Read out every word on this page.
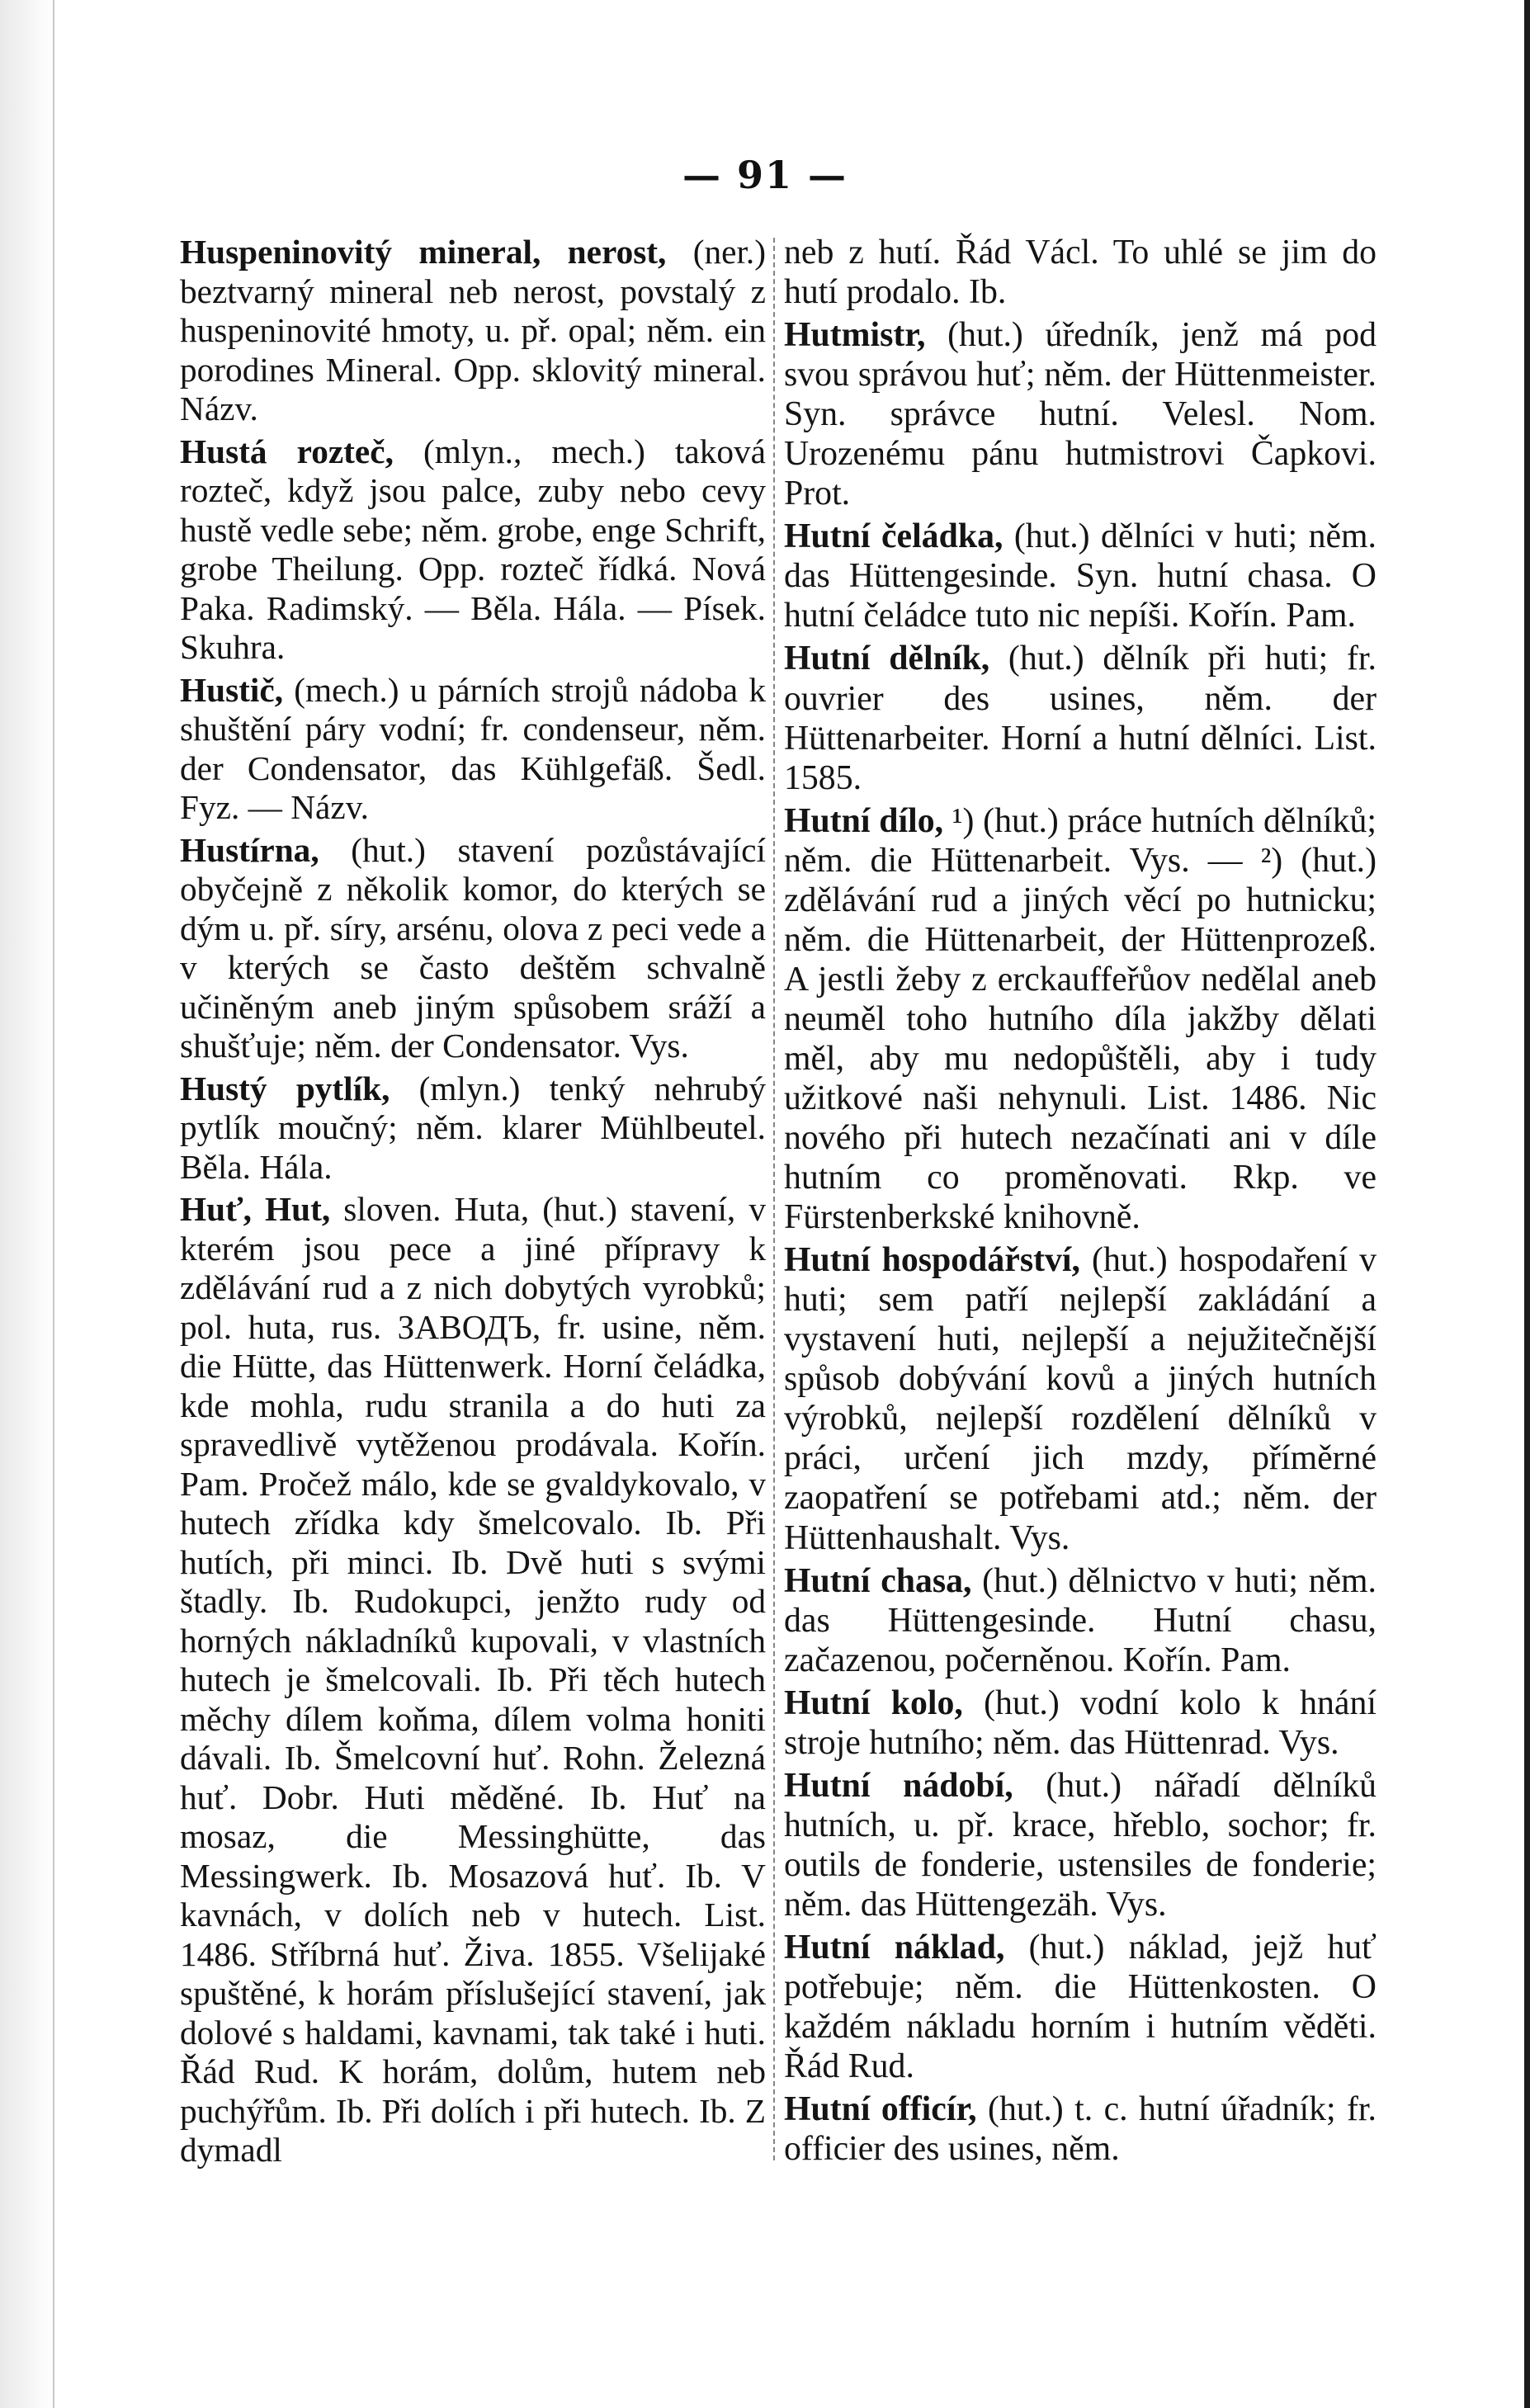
— 91 —

Huspeninovitý mineral, nerost, (ner.) beztvarný mineral neb nerost, povstalý z huspeninovité hmoty, u. př. opal; něm. ein porodines Mineral. Opp. sklovitý mineral. Názv.

Hustá rozteč, (mlyn., mech.) taková rozteč, když jsou palce, zuby nebo cevy hustě vedle sebe; něm. grobe, enge Schrift, grobe Theilung. Opp. rozteč řídká. Nová Paka. Radimský. — Běla. Hála. — Písek. Skuhra.

Hustič, (mech.) u párních strojů nádoba k shuštění páry vodní; fr. condenseur, něm. der Condensator, das Kühlgefäß. Šedl. Fyz. — Názv.

Hustírna, (hut.) stavení pozůstávající obyčejně z několik komor, do kterých se dým u. př. síry, arsénu, olova z peci vede a v kterých se často deštěm schvalně učiněným aneb jiným spůsobem sráží a shušťuje; něm. der Condensator. Vys.

Hustý pytlík, (mlyn.) tenký nehrubý pytlík moučný; něm. klarer Mühlbeutel. Běla. Hála.

Huť, Hut, sloven. Huta, (hut.) stavení, v kterém jsou pece a jiné přípravy k zdělávání rud a z nich dobytých vyrobků; pol. huta, rus. ЗАВОДЪ, fr. usine, něm. die Hütte, das Hüttenwerk. Horní čeládka, kde mohla, rudu stranila a do huti za spravedlivě vytěženou prodávala. Kořín. Pam. Pročež málo, kde se gvaldykovalo, v hutech zřídka kdy šmelcovalo. Ib. Při hutích, při minci. Ib. Dvě huti s svými štadly. Ib. Rudokupci, jenžto rudy od horných nákladníků kupovali, v vlastních hutech je šmelcovali. Ib. Při těch hutech měchy dílem koňma, dílem volma honiti dávali. Ib. Šmelcovní huť. Rohn. Železná huť. Dobr. Huti měděné. Ib. Huť na mosaz, die Messinghütte, das Messingwerk. Ib. Mosazová huť. Ib. V kavnách, v dolích neb v hutech. List. 1486. Stříbrná huť. Živa. 1855. Všelijaké spuštěné, k horám příslušející stavení, jak dolové s haldami, kavnami, tak také i huti. Řád Rud. K horám, dolům, hutem neb puchýřům. Ib. Při dolích i při hutech. Ib. Z dymadl

neb z hutí. Řád Václ. To uhlé se jim do hutí prodalo. Ib.

Hutmistr, (hut.) úředník, jenž má pod svou správou huť; něm. der Hüttenmeister. Syn. správce hutní. Velesl. Nom. Urozenému pánu hutmistrovi Čapkovi. Prot.

Hutní čeládka, (hut.) dělníci v huti; něm. das Hüttengesinde. Syn. hutní chasa. O hutní čeládce tuto nic nepíši. Kořín. Pam.

Hutní dělník, (hut.) dělník při huti; fr. ouvrier des usines, něm. der Hüttenarbeiter. Horní a hutní dělníci. List. 1585.

Hutní dílo, ¹) (hut.) práce hutních dělníků; něm. die Hüttenarbeit. Vys. — ²) (hut.) zdělávání rud a jiných věcí po hutnicku; něm. die Hüttenarbeit, der Hüttenprozeß. A jestli žeby z erckauffeřůov nedělal aneb neuměl toho hutního díla jakžby dělati měl, aby mu nedopůštěli, aby i tudy užitkové naši nehynuli. List. 1486. Nic nového při hutech nezačínati ani v díle hutním co proměnovati. Rkp. ve Fürstenberkské knihovně.

Hutní hospodářství, (hut.) hospodaření v huti; sem patří nejlepší zakládání a vystavení huti, nejlepší a nejužitečnější spůsob dobývání kovů a jiných hutních výrobků, nejlepší rozdělení dělníků v práci, určení jich mzdy, příměrné zaopatření se potřebami atd.; něm. der Hüttenhaushalt. Vys.

Hutní chasa, (hut.) dělnictvo v huti; něm. das Hüttengesinde. Hutní chasu, začazenou, počerněnou. Kořín. Pam.

Hutní kolo, (hut.) vodní kolo k hnání stroje hutního; něm. das Hüttenrad. Vys.

Hutní nádobí, (hut.) nářadí dělníků hutních, u. př. krace, hřeblo, sochor; fr. outils de fonderie, ustensiles de fonderie; něm. das Hüttengezäh. Vys.

Hutní náklad, (hut.) náklad, jejž huť potřebuje; něm. die Hüttenkosten. O každém nákladu horním i hutním věděti. Řád Rud.

Hutní officír, (hut.) t. c. hutní úřadník; fr. officier des usines, něm.
